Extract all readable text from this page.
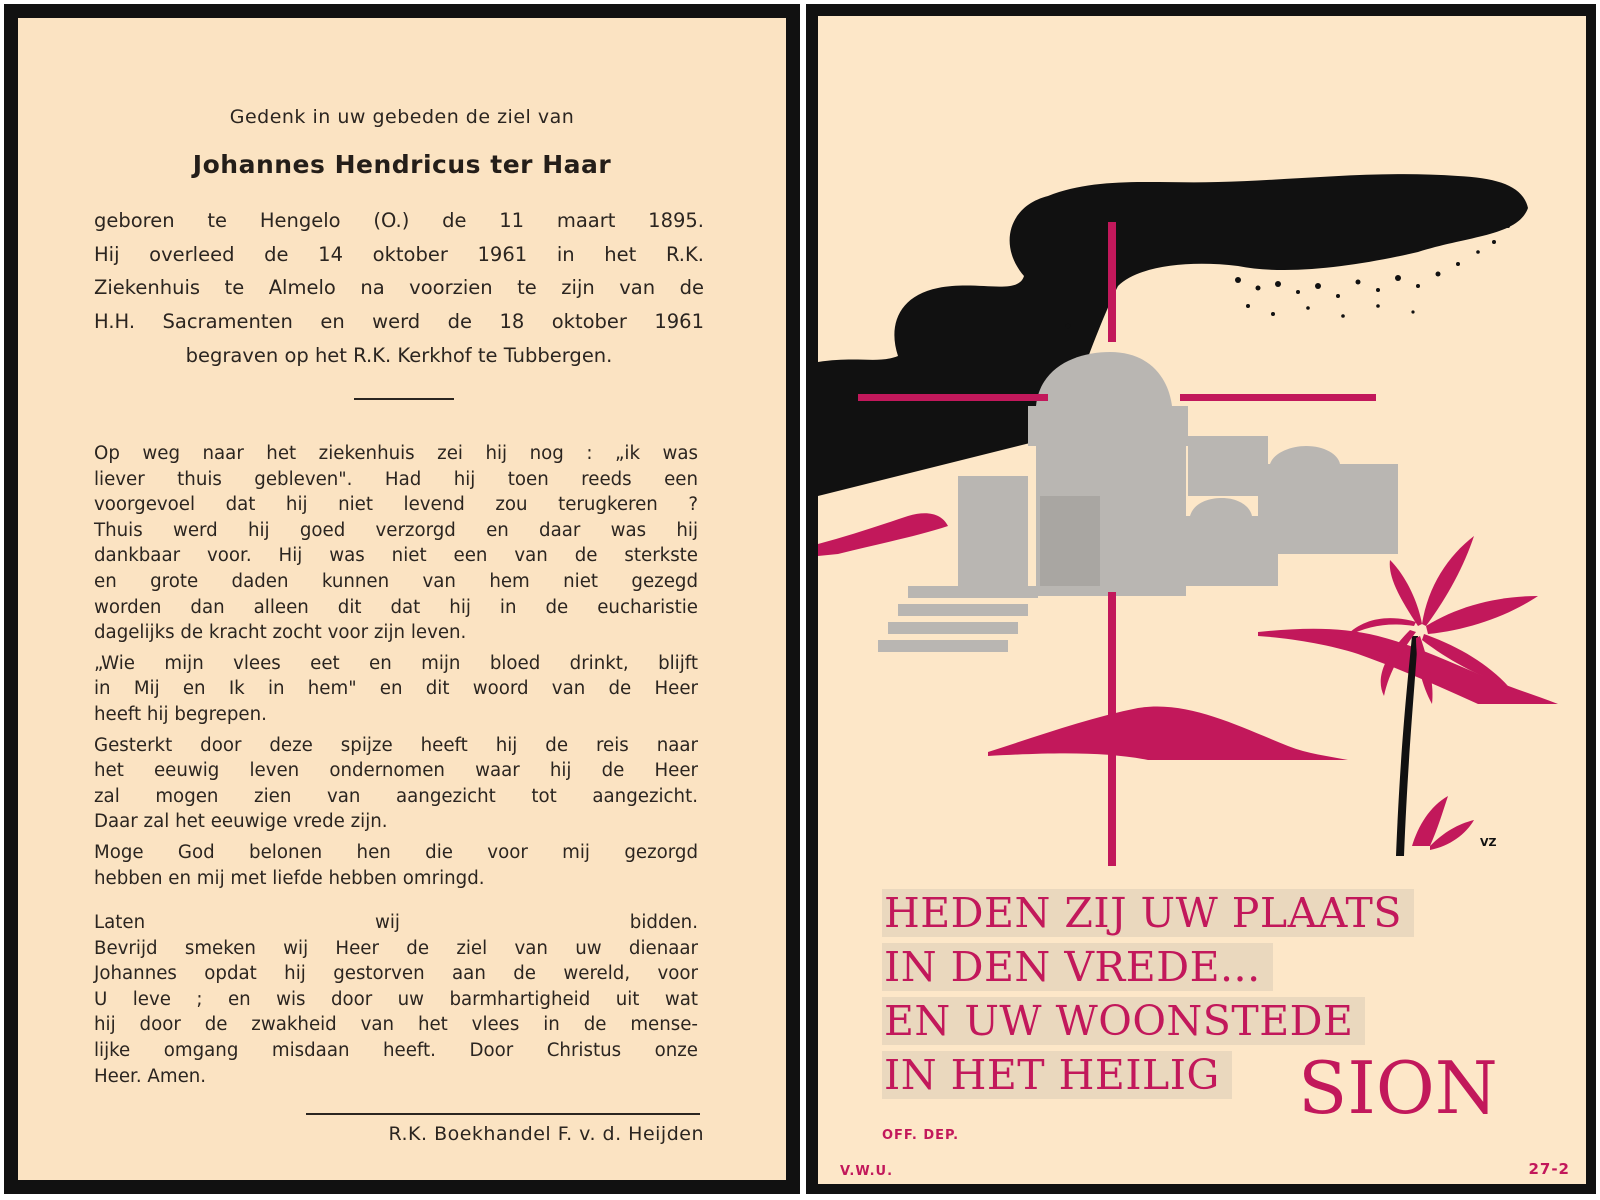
Gedenk in uw gebeden de ziel van
Johannes Hendricus ter Haar
geboren te Hengelo (O.) de 11 maart 1895.
Hij overleed de 14 oktober 1961 in het R.K.
Ziekenhuis te Almelo na voorzien te zijn van de
H.H. Sacramenten en werd de 18 oktober 1961
begraven op het R.K. Kerkhof te Tubbergen.
Op weg naar het ziekenhuis zei hij nog : „ik was
liever thuis gebleven". Had hij toen reeds een
voorgevoel dat hij niet levend zou terugkeren ?
Thuis werd hij goed verzorgd en daar was hij
dankbaar voor. Hij was niet een van de sterkste
en grote daden kunnen van hem niet gezegd
worden dan alleen dit dat hij in de eucharistie
dagelijks de kracht zocht voor zijn leven.
„Wie mijn vlees eet en mijn bloed drinkt, blijft
in Mij en Ik in hem" en dit woord van de Heer
heeft hij begrepen.
Gesterkt door deze spijze heeft hij de reis naar
het eeuwig leven ondernomen waar hij de Heer
zal mogen zien van aangezicht tot aangezicht.
Daar zal het eeuwige vrede zijn.
Moge God belonen hen die voor mij gezorgd
hebben en mij met liefde hebben omringd.
Laten wij bidden.
Bevrijd smeken wij Heer de ziel van uw dienaar
Johannes opdat hij gestorven aan de wereld, voor
U leve ; en wis door uw barmhartigheid uit wat
hij door de zwakheid van het vlees in de mense-
lijke omgang misdaan heeft. Door Christus onze
Heer. Amen.
R.K. Boekhandel F. v. d. Heijden
VZ
HEDEN ZIJ UW PLAATS
IN DEN VREDE...
EN UW WOONSTEDE
IN HET HEILIG	SION
OFF. DEP.
V.W.U.	27-2
